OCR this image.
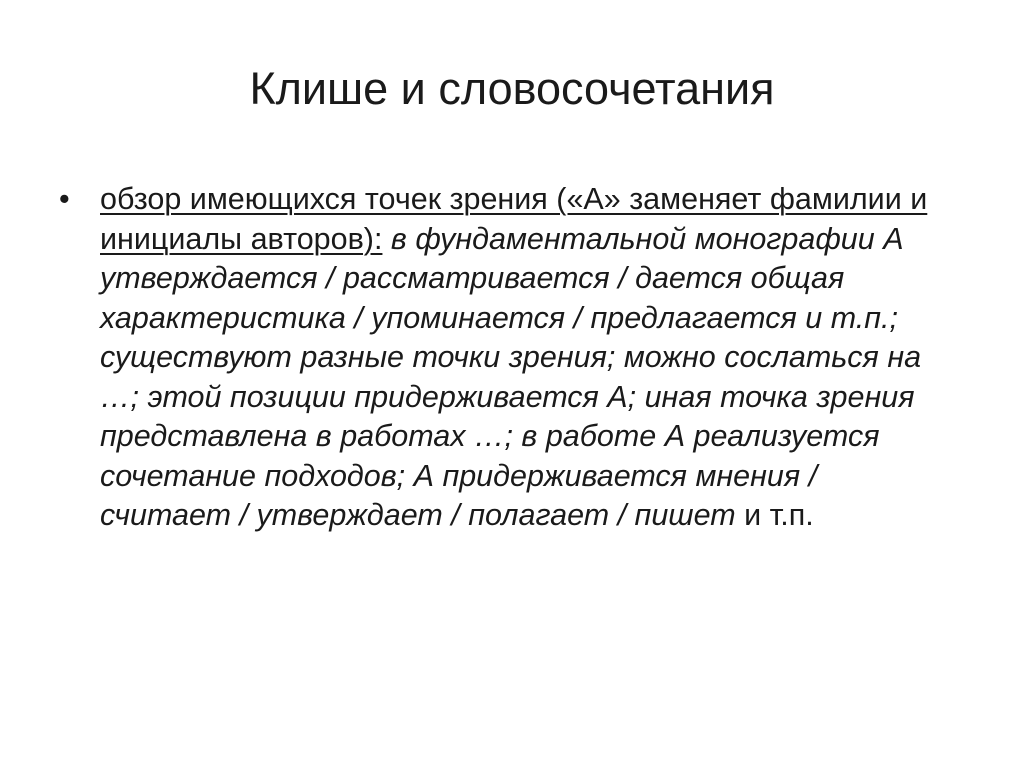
Клише и словосочетания
• обзор имеющихся точек зрения («А» заменяет фамилии и инициалы авторов): в фундаментальной монографии А утверждается / рассматривается / дается общая характеристика / упоминается / предлагается и т.п.; существуют разные точки зрения; можно сослаться на …; этой позиции придерживается А; иная точка зрения представлена в работах …; в работе А реализуется сочетание подходов; А придерживается мнения / считает / утверждает / полагает / пишет и т.п.
